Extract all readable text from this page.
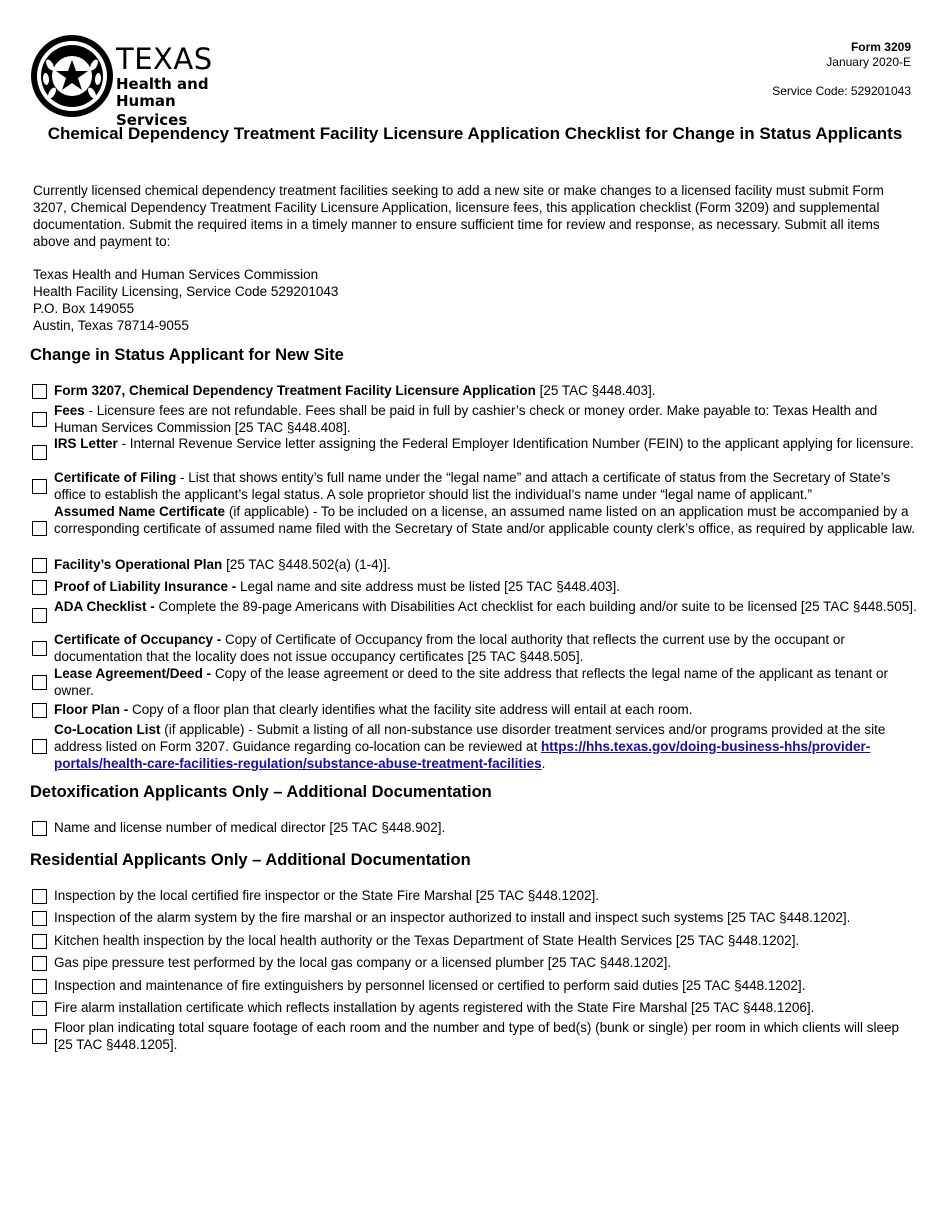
TEXAS
Health and Human
Services
Form 3209
January 2020-E
Service Code: 529201043
Chemical Dependency Treatment Facility Licensure Application Checklist for Change in Status Applicants
Currently licensed chemical dependency treatment facilities seeking to add a new site or make changes to a licensed facility must submit Form 3207, Chemical Dependency Treatment Facility Licensure Application, licensure fees, this application checklist (Form 3209) and supplemental documentation. Submit the required items in a timely manner to ensure sufficient time for review and response, as necessary. Submit all items above and payment to:
Texas Health and Human Services Commission
Health Facility Licensing, Service Code 529201043
P.O. Box 149055
Austin, Texas 78714-9055
Change in Status Applicant for New Site
Form 3207, Chemical Dependency Treatment Facility Licensure Application [25 TAC §448.403].
Fees - Licensure fees are not refundable. Fees shall be paid in full by cashier’s check or money order. Make payable to: Texas Health and Human Services Commission [25 TAC §448.408].
IRS Letter - Internal Revenue Service letter assigning the Federal Employer Identification Number (FEIN) to the applicant applying for licensure.
Certificate of Filing - List that shows entity’s full name under the “legal name” and attach a certificate of status from the Secretary of State’s office to establish the applicant’s legal status. A sole proprietor should list the individual’s name under “legal name of applicant.”
Assumed Name Certificate (if applicable) - To be included on a license, an assumed name listed on an application must be accompanied by a corresponding certificate of assumed name filed with the Secretary of State and/or applicable county clerk’s office, as required by applicable law.
Facility’s Operational Plan [25 TAC §448.502(a) (1-4)].
Proof of Liability Insurance - Legal name and site address must be listed [25 TAC §448.403].
ADA Checklist - Complete the 89-page Americans with Disabilities Act checklist for each building and/or suite to be licensed [25 TAC §448.505].
Certificate of Occupancy - Copy of Certificate of Occupancy from the local authority that reflects the current use by the occupant or documentation that the locality does not issue occupancy certificates [25 TAC §448.505].
Lease Agreement/Deed - Copy of the lease agreement or deed to the site address that reflects the legal name of the applicant as tenant or owner.
Floor Plan - Copy of a floor plan that clearly identifies what the facility site address will entail at each room.
Co-Location List (if applicable) - Submit a listing of all non-substance use disorder treatment services and/or programs provided at the site address listed on Form 3207. Guidance regarding co-location can be reviewed at https://hhs.texas.gov/doing-business-hhs/provider-portals/health-care-facilities-regulation/substance-abuse-treatment-facilities.
Detoxification Applicants Only – Additional Documentation
Name and license number of medical director [25 TAC §448.902].
Residential Applicants Only – Additional Documentation
Inspection by the local certified fire inspector or the State Fire Marshal [25 TAC §448.1202].
Inspection of the alarm system by the fire marshal or an inspector authorized to install and inspect such systems [25 TAC §448.1202].
Kitchen health inspection by the local health authority or the Texas Department of State Health Services [25 TAC §448.1202].
Gas pipe pressure test performed by the local gas company or a licensed plumber [25 TAC §448.1202].
Inspection and maintenance of fire extinguishers by personnel licensed or certified to perform said duties [25 TAC §448.1202].
Fire alarm installation certificate which reflects installation by agents registered with the State Fire Marshal [25 TAC §448.1206].
Floor plan indicating total square footage of each room and the number and type of bed(s) (bunk or single) per room in which clients will sleep [25 TAC §448.1205].
